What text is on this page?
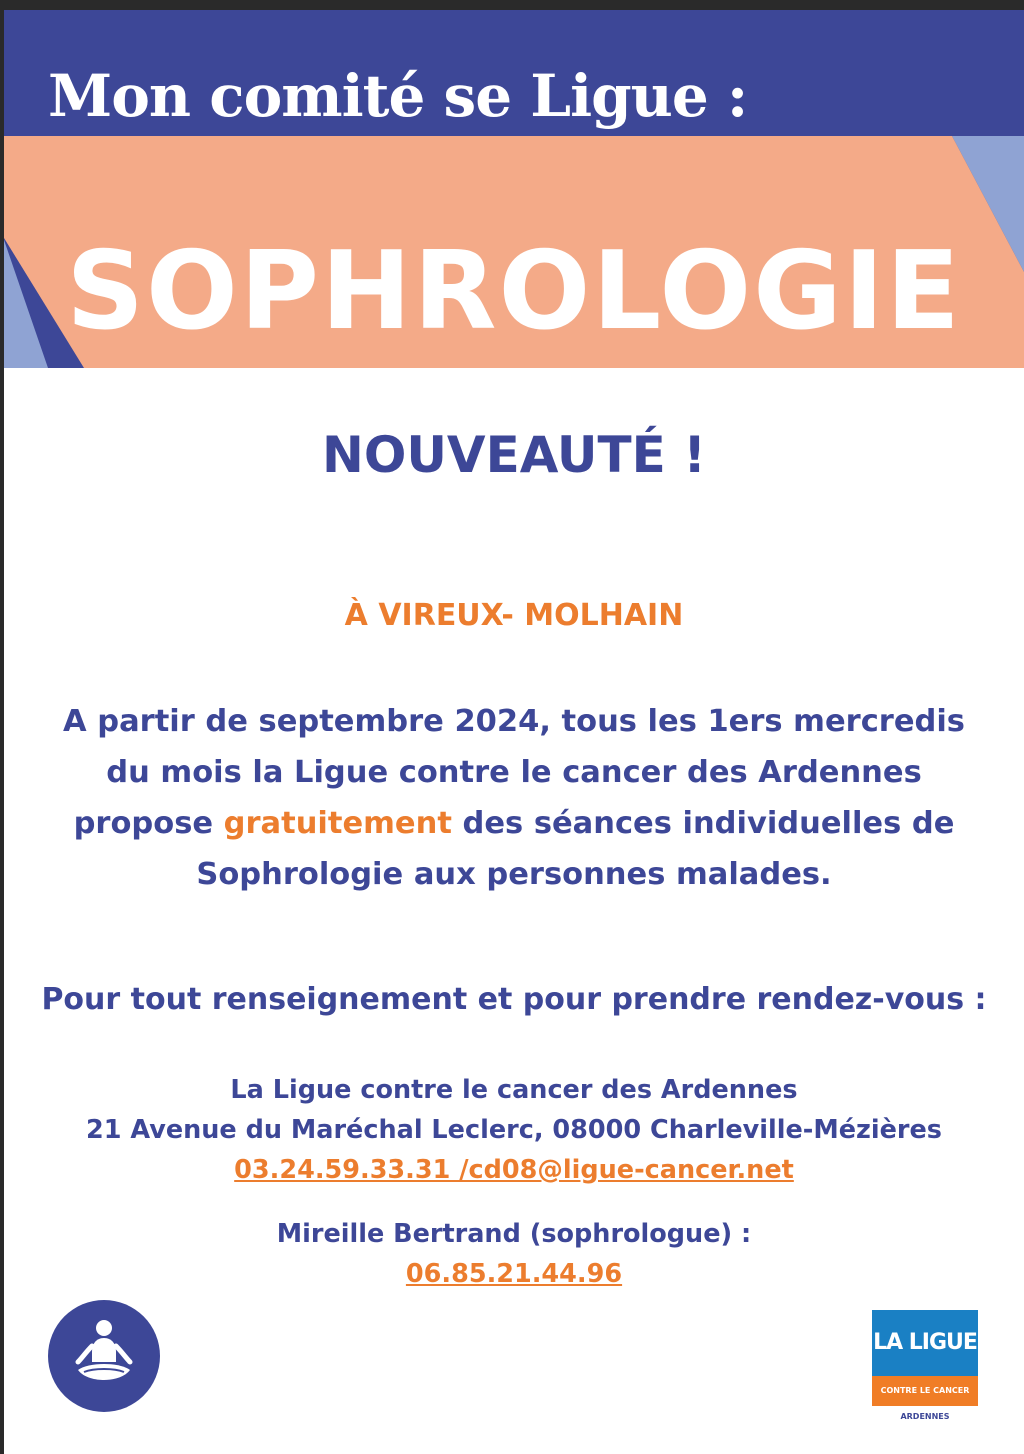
Mon comité se Ligue :
SOPHROLOGIE
NOUVEAUTÉ !
À VIREUX- MOLHAIN
A partir de septembre 2024, tous les 1ers mercredis
du mois la Ligue contre le cancer des Ardennes
propose gratuitement des séances individuelles de
Sophrologie aux personnes malades.
Pour tout renseignement et pour prendre rendez-vous :
La Ligue contre le cancer des Ardennes
21 Avenue du Maréchal Leclerc, 08000 Charleville-Mézières
03.24.59.33.31 /cd08@ligue-cancer.net
Mireille Bertrand (sophrologue) :
06.85.21.44.96
LA LIGUE
CONTRE LE CANCER
ARDENNES
